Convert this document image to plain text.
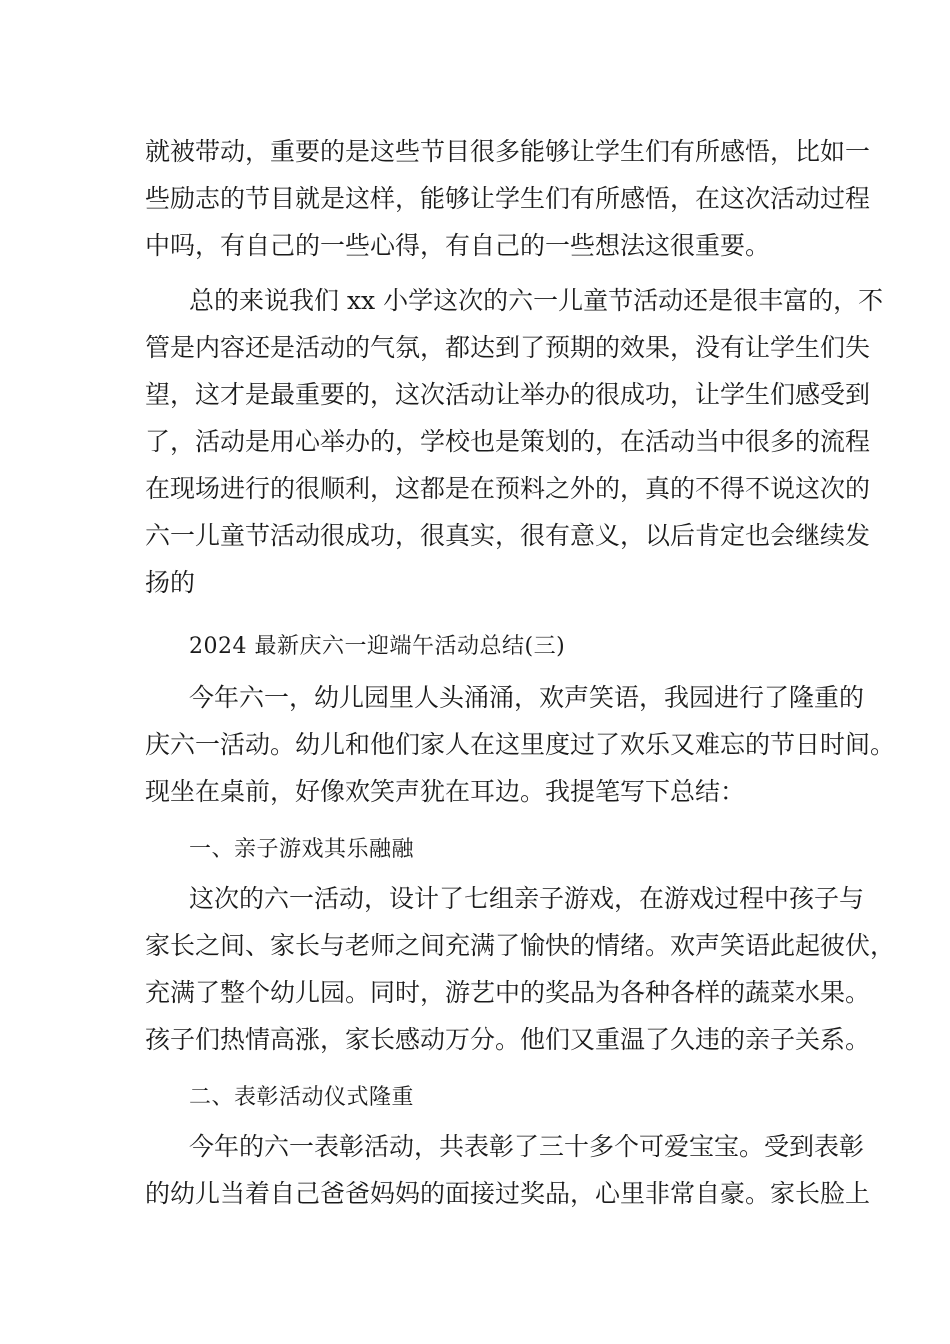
就被带动，重要的是这些节目很多能够让学生们有所感悟，比如一
些励志的节目就是这样，能够让学生们有所感悟，在这次活动过程
中吗，有自己的一些心得，有自己的一些想法这很重要。
总的来说我们 xx 小学这次的六一儿童节活动还是很丰富的，不
管是内容还是活动的气氛，都达到了预期的效果，没有让学生们失
望，这才是最重要的，这次活动让举办的很成功，让学生们感受到
了，活动是用心举办的，学校也是策划的，在活动当中很多的流程
在现场进行的很顺利，这都是在预料之外的，真的不得不说这次的
六一儿童节活动很成功，很真实，很有意义，以后肯定也会继续发
扬的
2024 最新庆六一迎端午活动总结(三)
今年六一，幼儿园里人头涌涌，欢声笑语，我园进行了隆重的
庆六一活动。幼儿和他们家人在这里度过了欢乐又难忘的节日时间。
现坐在桌前，好像欢笑声犹在耳边。我提笔写下总结：
一、亲子游戏其乐融融
这次的六一活动，设计了七组亲子游戏，在游戏过程中孩子与
家长之间、家长与老师之间充满了愉快的情绪。欢声笑语此起彼伏，
充满了整个幼儿园。同时，游艺中的奖品为各种各样的蔬菜水果。
孩子们热情高涨，家长感动万分。他们又重温了久违的亲子关系。
二、表彰活动仪式隆重
今年的六一表彰活动，共表彰了三十多个可爱宝宝。受到表彰
的幼儿当着自己爸爸妈妈的面接过奖品，心里非常自豪。家长脸上
